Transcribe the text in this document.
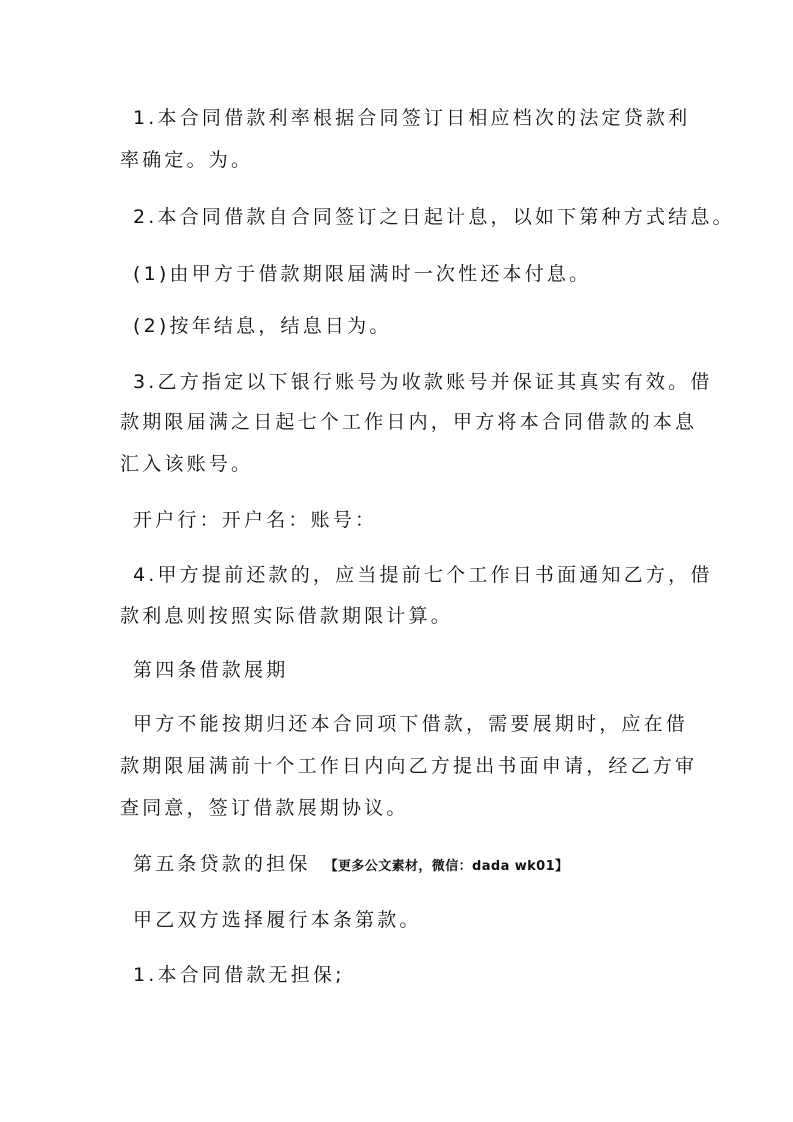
1.本合同借款利率根据合同签订日相应档次的法定贷款利

率确定。为。

2.本合同借款自合同签订之日起计息，以如下第种方式结息。

(1)由甲方于借款期限届满时一次性还本付息。

(2)按年结息，结息日为。

3.乙方指定以下银行账号为收款账号并保证其真实有效。借

款期限届满之日起七个工作日内，甲方将本合同借款的本息

汇入该账号。

开户行：开户名：账号：

4.甲方提前还款的，应当提前七个工作日书面通知乙方，借

款利息则按照实际借款期限计算。

第四条借款展期

甲方不能按期归还本合同项下借款，需要展期时，应在借

款期限届满前十个工作日内向乙方提出书面申请，经乙方审

查同意，签订借款展期协议。

第五条贷款的担保 【更多公文素材，微信：dada wk01】

甲乙双方选择履行本条第款。

1.本合同借款无担保;
